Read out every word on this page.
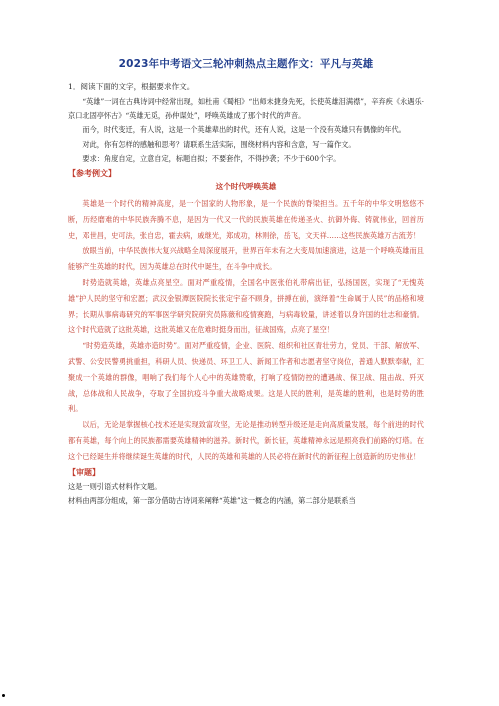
2023年中考语文三轮冲刺热点主题作文：平凡与英雄

1．阅读下面的文字，根据要求作文。

“英雄”一词在古典诗词中经常出现，如杜甫《蜀相》“出师未捷身先死，长使英雄泪满襟”，辛弃疾《永遇乐·京口北固亭怀古》“英雄无觅，孙仲谋处”，呼唤英雄成了那个时代的声音。

而今，时代变迁，有人说，这是一个英雄辈出的时代，还有人说，这是一个没有英雄只有偶像的年代。

对此，你有怎样的感触和思考？请联系生活实际，围绕材料内容和含意，写一篇作文。

要求：角度自定，立意自定，标题自拟；不要套作，不得抄袭；不少于600个字。

【参考例文】
这个时代呼唤英雄

英雄是一个时代的精神高度，是一个国家的人物形象，是一个民族的脊梁担当。五千年的中华文明悠悠不断，历经磨难的中华民族奔腾不息，是因为一代又一代的民族英雄在传递圣火、抗御外侮、铸就伟业，回首历史，邓世昌，史可法，张自忠，霍去病，戚继光，郑成功，林则徐，岳飞，文天祥……这些民族英雄万古流芳！

放眼当前，中华民族伟大复兴战略全局深度展开，世界百年未有之大变局加速演进，这是一个呼唤英雄而且能够产生英雄的时代，因为英雄总在时代中诞生，在斗争中成长。

时势造就英雄，英雄点亮星空。面对严重疫情，全国名中医张伯礼带病出征，弘扬国医，实现了“无愧英雄”护人民的坚守和宏愿；武汉金银潭医院院长张定宇奋不顾身，拼搏在前，演绎着“生命属于人民”的品格和境界；长期从事病毒研究的军事医学研究院研究员陈薇和疫情赛跑，与病毒较量，讲述着以身许国的壮志和豪情。这个时代造就了这批英雄，这批英雄又在危难时挺身而出，征战国殇，点亮了星空！

“时势造英雄，英雄亦造时势”。面对严重疫情，企业、医院、组织和社区青壮劳力，党员、干部、解放军、武警、公安民警勇挑重担，科研人员、快递员、环卫工人、新闻工作者和志愿者坚守岗位，普通人默默奉献，汇聚成一个英雄的群像，唱响了我们每个人心中的英雄赞歌，打响了疫情防控的遭遇战、保卫战、阻击战、歼灭战，总体战和人民战争，夺取了全国抗疫斗争重大战略成果。这是人民的胜利，是英雄的胜利，也是时势的胜利。

以后，无论是掌握核心技术还是实现致富攻坚，无论是推动转型升级还是走向高质量发展，每个前进的时代都有英雄，每个向上的民族都需要英雄精神的滋养。新时代，新长征，英雄精神永远是照亮我们前路的灯塔。在这个已经诞生并将继续诞生英雄的时代，人民的英雄和英雄的人民必将在新时代的新征程上创造新的历史伟业！

【审题】

这是一则引语式材料作文题。

材料由两部分组成，第一部分借助古诗词来阐释“英雄”这一概念的内涵，第二部分是联系当
